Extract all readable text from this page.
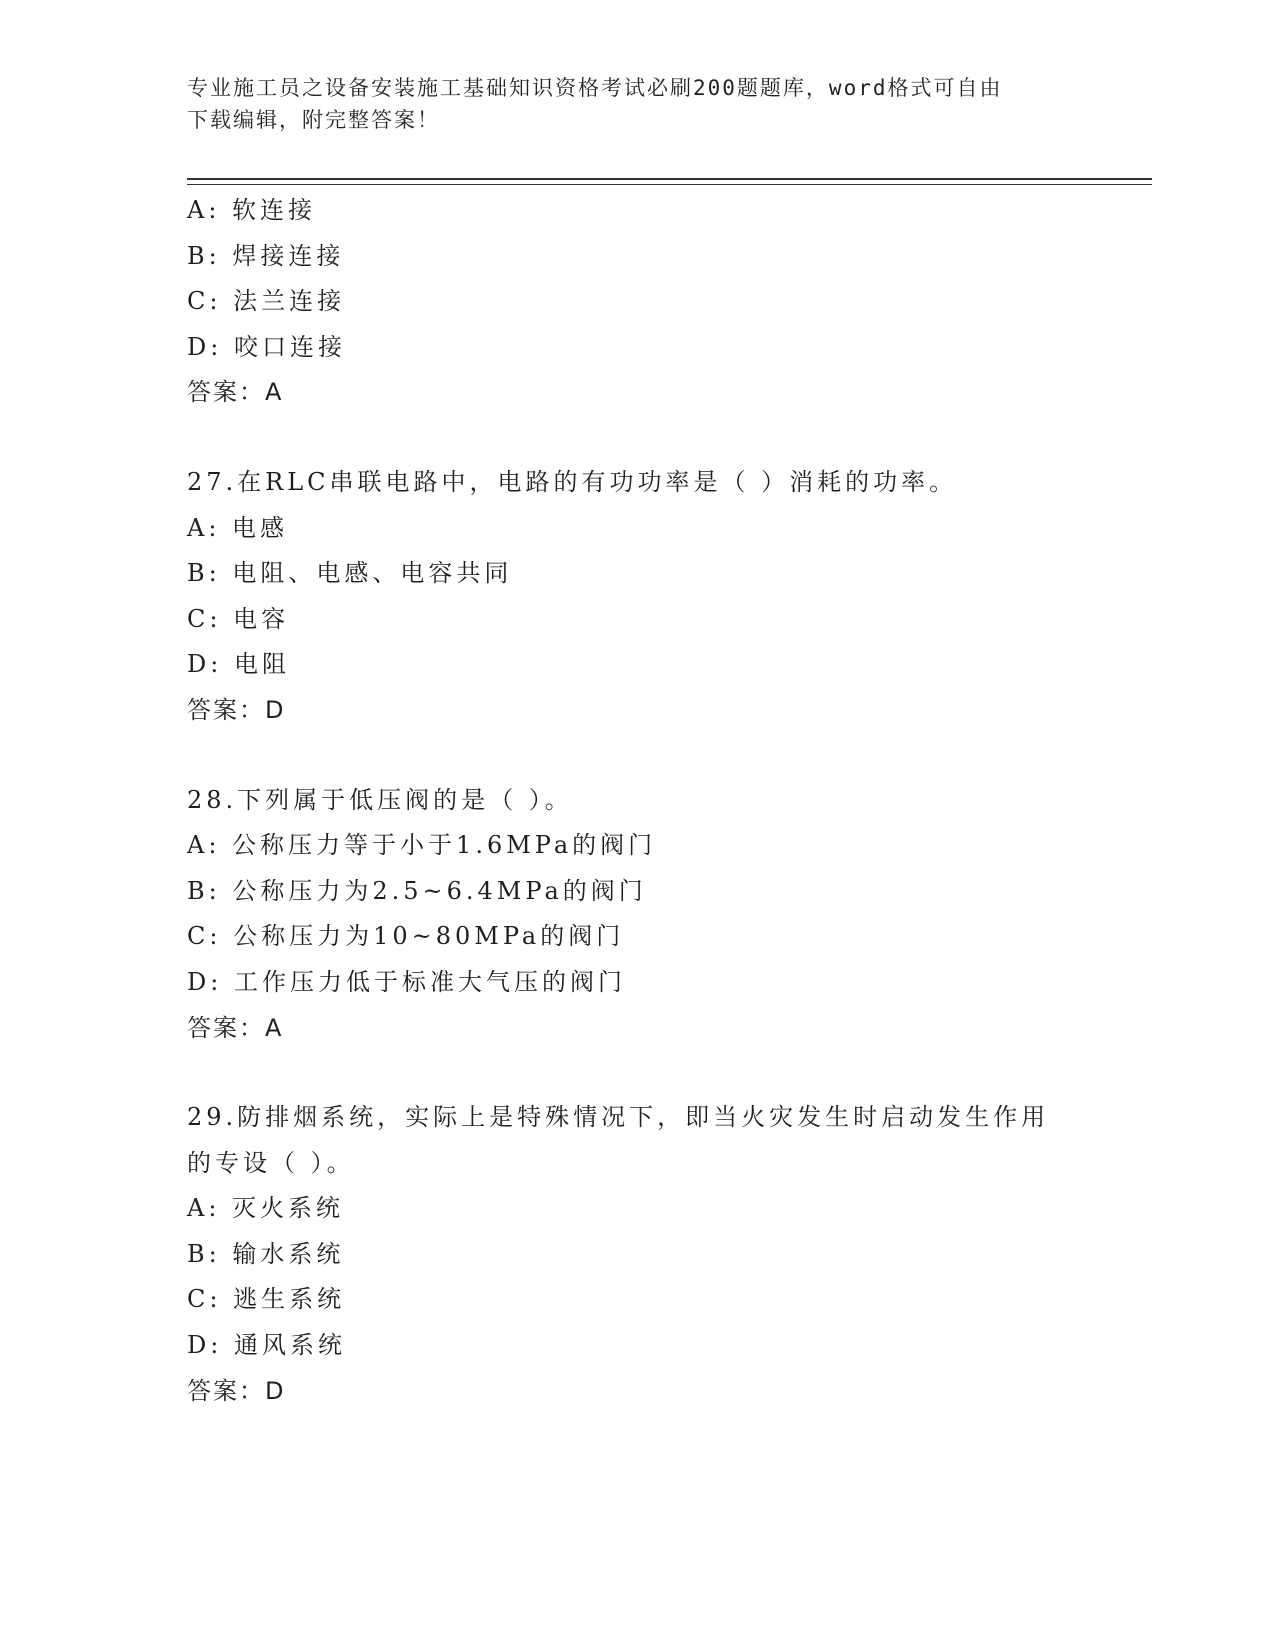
专业施工员之设备安装施工基础知识资格考试必刷200题题库，word格式可自由
下载编辑，附完整答案！
A: 软连接
B: 焊接连接
C: 法兰连接
D: 咬口连接
答案：A
27.在RLC串联电路中，电路的有功功率是（ ）消耗的功率。
A: 电感
B: 电阻、电感、电容共同
C: 电容
D: 电阻
答案：D
28.下列属于低压阀的是（ ）。
A: 公称压力等于小于1.6MPa的阀门
B: 公称压力为2.5~6.4MPa的阀门
C: 公称压力为10~80MPa的阀门
D: 工作压力低于标准大气压的阀门
答案：A
29.防排烟系统，实际上是特殊情况下，即当火灾发生时启动发生作用
的专设（ ）。
A: 灭火系统
B: 输水系统
C: 逃生系统
D: 通风系统
答案：D
